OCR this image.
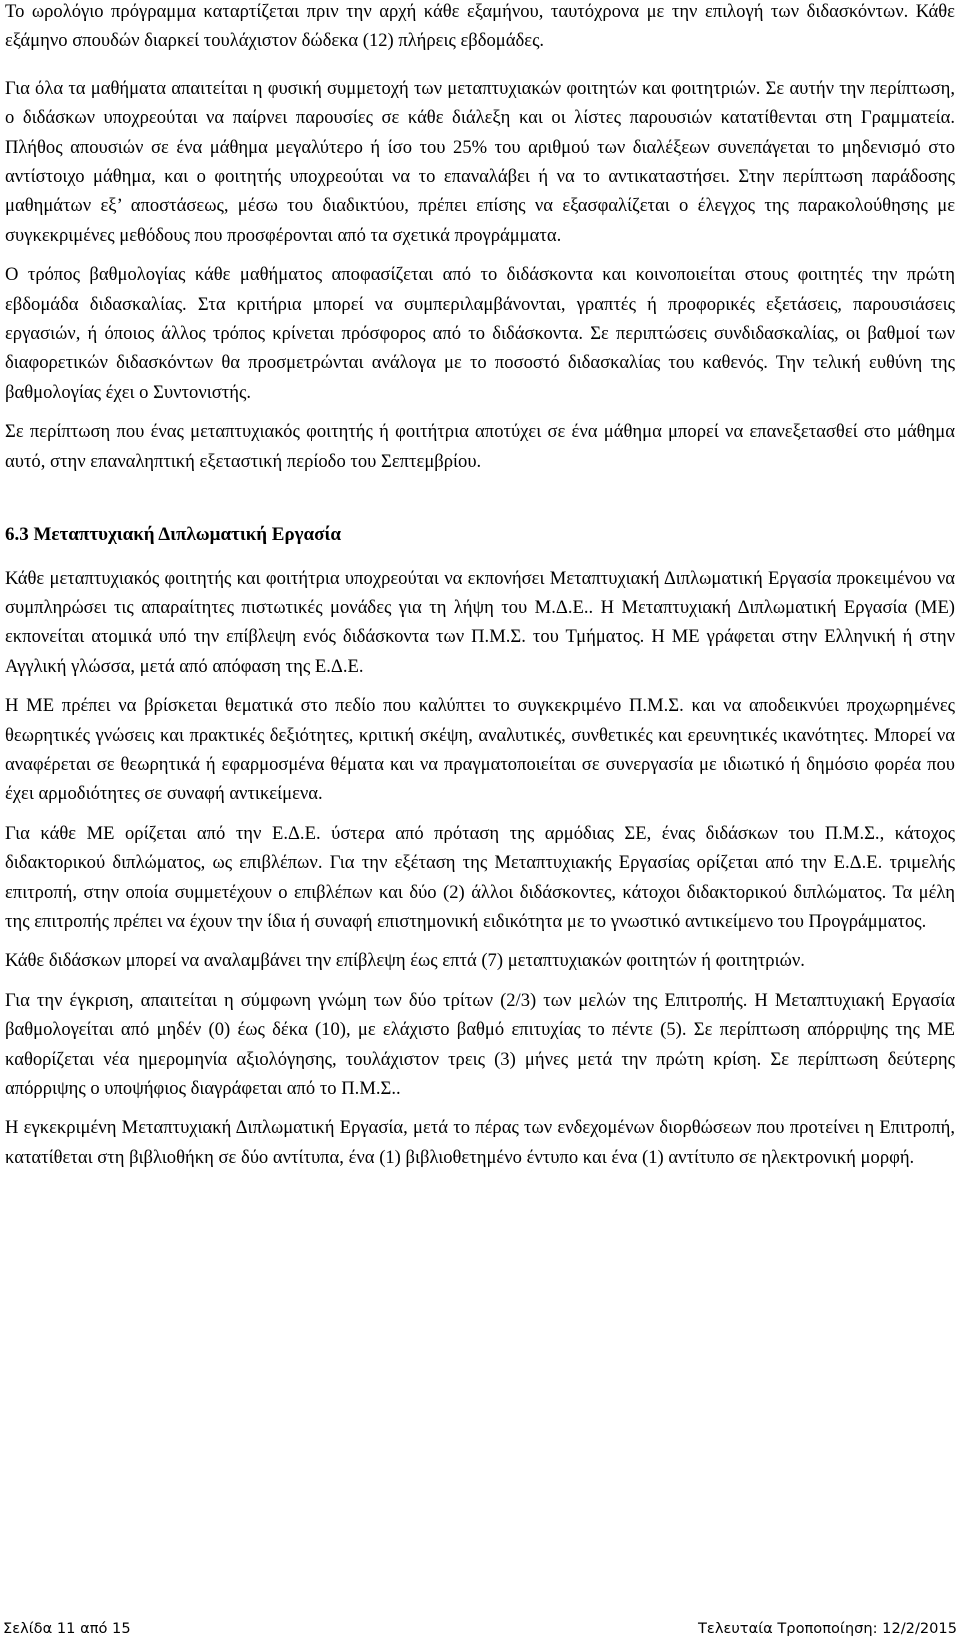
Το ωρολόγιο πρόγραμμα καταρτίζεται πριν την αρχή κάθε εξαμήνου, ταυτόχρονα με την επιλογή των διδασκόντων. Κάθε εξάμηνο σπουδών διαρκεί τουλάχιστον δώδεκα (12) πλήρεις εβδομάδες.

Για όλα τα μαθήματα απαιτείται η φυσική συμμετοχή των μεταπτυχιακών φοιτητών και φοιτητριών. Σε αυτήν την περίπτωση, ο διδάσκων υποχρεούται να παίρνει παρουσίες σε κάθε διάλεξη και οι λίστες παρουσιών κατατίθενται στη Γραμματεία. Πλήθος απουσιών σε ένα μάθημα μεγαλύτερο ή ίσο του 25% του αριθμού των διαλέξεων συνεπάγεται το μηδενισμό στο αντίστοιχο μάθημα, και ο φοιτητής υποχρεούται να το επαναλάβει ή να το αντικαταστήσει. Στην περίπτωση παράδοσης μαθημάτων εξ’ αποστάσεως, μέσω του διαδικτύου, πρέπει επίσης να εξασφαλίζεται ο έλεγχος της παρακολούθησης με συγκεκριμένες μεθόδους που προσφέρονται από τα σχετικά προγράμματα.

Ο τρόπος βαθμολογίας κάθε μαθήματος αποφασίζεται από το διδάσκοντα και κοινοποιείται στους φοιτητές την πρώτη εβδομάδα διδασκαλίας. Στα κριτήρια μπορεί να συμπεριλαμβάνονται, γραπτές ή προφορικές εξετάσεις, παρουσιάσεις εργασιών, ή όποιος άλλος τρόπος κρίνεται πρόσφορος από το διδάσκοντα. Σε περιπτώσεις συνδιδασκαλίας, οι βαθμοί των διαφορετικών διδασκόντων θα προσμετρώνται ανάλογα με το ποσοστό διδασκαλίας του καθενός. Την τελική ευθύνη της βαθμολογίας έχει ο Συντονιστής.

Σε περίπτωση που ένας μεταπτυχιακός φοιτητής ή φοιτήτρια αποτύχει σε ένα μάθημα μπορεί να επανεξετασθεί στο μάθημα αυτό, στην επαναληπτική εξεταστική περίοδο του Σεπτεμβρίου.

6.3 Μεταπτυχιακή Διπλωματική Εργασία

Κάθε μεταπτυχιακός φοιτητής και φοιτήτρια υποχρεούται να εκπονήσει Μεταπτυχιακή Διπλωματική Εργασία προκειμένου να συμπληρώσει τις απαραίτητες πιστωτικές μονάδες για τη λήψη του Μ.Δ.Ε.. Η Μεταπτυχιακή Διπλωματική Εργασία (ΜΕ) εκπονείται ατομικά υπό την επίβλεψη ενός διδάσκοντα των Π.Μ.Σ. του Τμήματος. Η ΜΕ γράφεται στην Ελληνική ή στην Αγγλική γλώσσα, μετά από απόφαση της Ε.Δ.Ε.

Η ΜΕ πρέπει να βρίσκεται θεματικά στο πεδίο που καλύπτει το συγκεκριμένο Π.Μ.Σ. και να αποδεικνύει προχωρημένες θεωρητικές γνώσεις και πρακτικές δεξιότητες, κριτική σκέψη, αναλυτικές, συνθετικές και ερευνητικές ικανότητες. Μπορεί να αναφέρεται σε θεωρητικά ή εφαρμοσμένα θέματα και να πραγματοποιείται σε συνεργασία με ιδιωτικό ή δημόσιο φορέα που έχει αρμοδιότητες σε συναφή αντικείμενα.

Για κάθε ΜΕ ορίζεται από την Ε.Δ.Ε. ύστερα από πρόταση της αρμόδιας ΣΕ, ένας διδάσκων του Π.Μ.Σ., κάτοχος διδακτορικού διπλώματος, ως επιβλέπων. Για την εξέταση της Μεταπτυχιακής Εργασίας ορίζεται από την Ε.Δ.Ε. τριμελής επιτροπή, στην οποία συμμετέχουν ο επιβλέπων και δύο (2) άλλοι διδάσκοντες, κάτοχοι διδακτορικού διπλώματος. Τα μέλη της επιτροπής πρέπει να έχουν την ίδια ή συναφή επιστημονική ειδικότητα με το γνωστικό αντικείμενο του Προγράμματος.

Κάθε διδάσκων μπορεί να αναλαμβάνει την επίβλεψη έως επτά (7) μεταπτυχιακών φοιτητών ή φοιτητριών.

Για την έγκριση, απαιτείται η σύμφωνη γνώμη των δύο τρίτων (2/3) των μελών της Επιτροπής. Η Μεταπτυχιακή Εργασία βαθμολογείται από μηδέν (0) έως δέκα (10), με ελάχιστο βαθμό επιτυχίας το πέντε (5). Σε περίπτωση απόρριψης της ΜΕ καθορίζεται νέα ημερομηνία αξιολόγησης, τουλάχιστον τρεις (3) μήνες μετά την πρώτη κρίση. Σε περίπτωση δεύτερης απόρριψης ο υποψήφιος διαγράφεται από το Π.Μ.Σ..

Η εγκεκριμένη Μεταπτυχιακή Διπλωματική Εργασία, μετά το πέρας των ενδεχομένων διορθώσεων που προτείνει η Επιτροπή, κατατίθεται στη βιβλιοθήκη σε δύο αντίτυπα, ένα (1) βιβλιοθετημένο έντυπο και ένα (1) αντίτυπο σε ηλεκτρονική μορφή.

Σελίδα 11 από 15	Τελευταία Τροποποίηση: 12/2/2015
